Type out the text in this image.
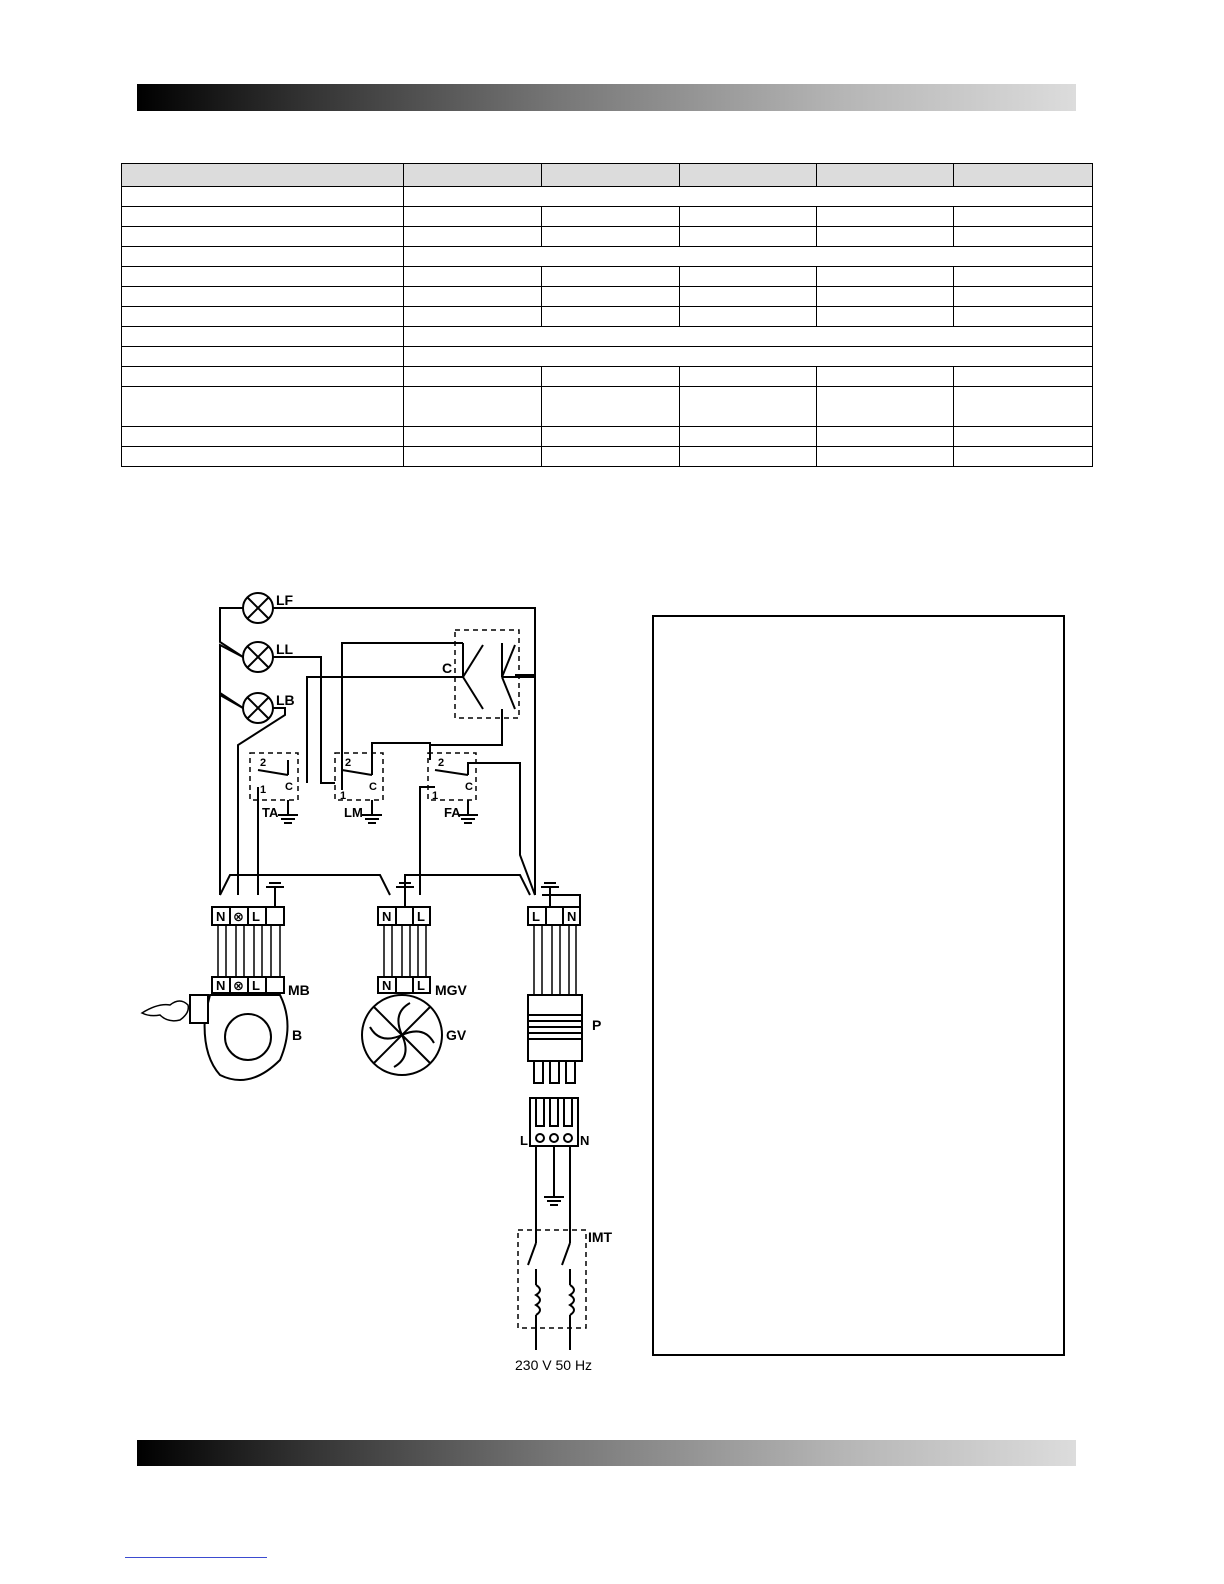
LF
LL
LB
C
2
1 C
TA
2
1
C
LM
2
1
C
FA
N ⊗ L	N L	L N
N ⊗ L	N L
MB
B
MGV
GV
P
L	N
IMT
230 V 50 Hz
